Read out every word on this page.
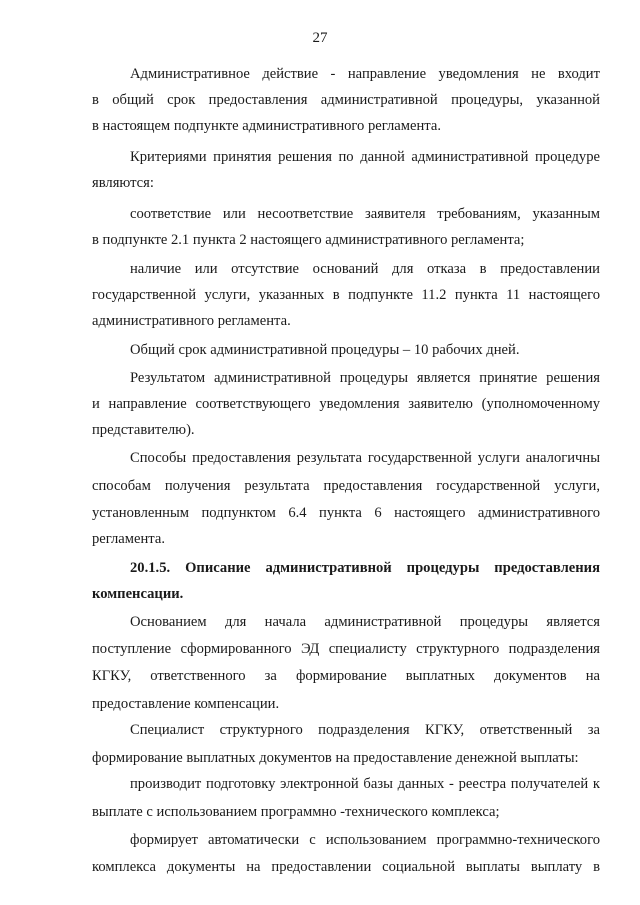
27
Административное действие - направление уведомления не входит
в общий срок предоставления административной процедуры, указанной
в настоящем подпункте административного регламента.
Критериями принятия решения по данной административной процедуре
являются:
соответствие или несоответствие заявителя требованиям, указанным
в подпункте 2.1 пункта 2 настоящего административного регламента;
наличие или отсутствие оснований для отказа в предоставлении
государственной услуги, указанных в подпункте 11.2 пункта 11 настоящего
административного регламента.
Общий срок административной процедуры – 10 рабочих дней.
Результатом административной процедуры является принятие решения
и направление соответствующего уведомления заявителю (уполномоченному
представителю).
Способы предоставления результата государственной услуги аналогичны
способам получения результата предоставления государственной услуги,
установленным подпунктом 6.4 пункта 6 настоящего административного
регламента.
20.1.5. Описание административной процедуры предоставления
компенсации.
Основанием для начала административной процедуры является
поступление сформированного ЭД специалисту структурного подразделения
КГКУ, ответственного за формирование выплатных документов на
предоставление компенсации.
Специалист структурного подразделения КГКУ, ответственный за
формирование выплатных документов на предоставление денежной выплаты:
производит подготовку электронной базы данных - реестра получателей к
выплате с использованием программно -технического комплекса;
формирует автоматически с использованием программно-технического
комплекса документы на предоставлении социальной выплаты выплату в
